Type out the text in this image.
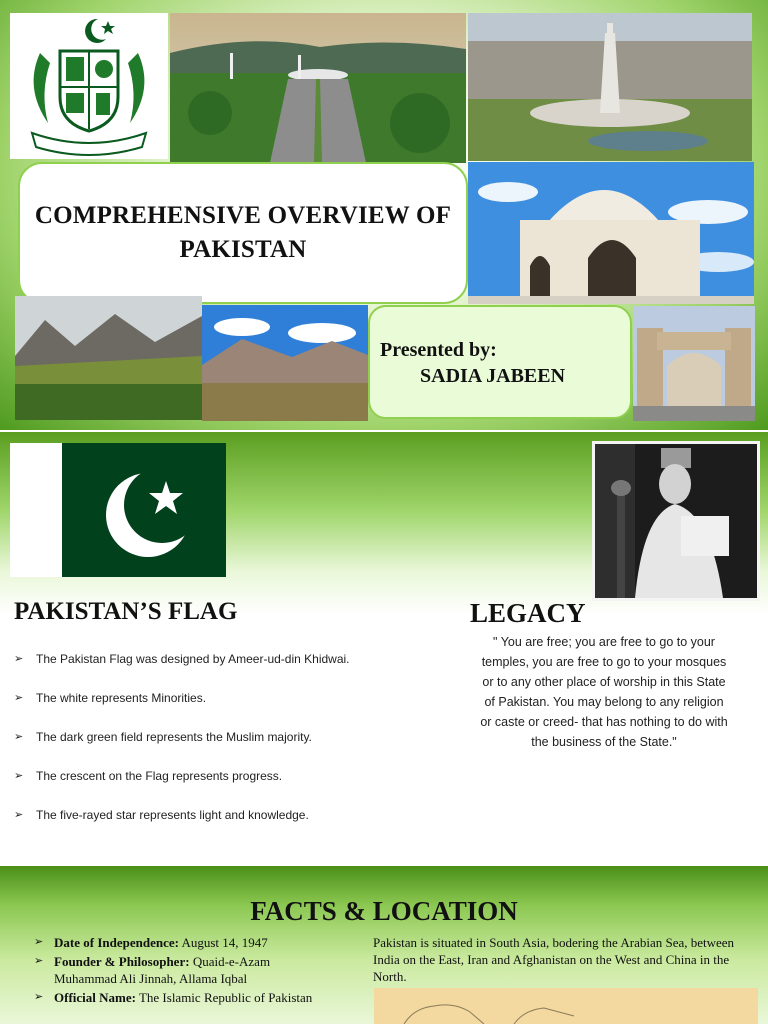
COMPREHENSIVE OVERVIEW OF PAKISTAN
Presented by:
SADIA JABEEN
PAKISTAN’S FLAG	LEGACY
➢ The Pakistan Flag was designed by Ameer-ud-din Khidwai.
➢ The white represents Minorities.
➢ The dark green field represents the Muslim majority.
➢ The crescent on the Flag represents progress.
➢ The five-rayed star represents light and knowledge.

" You are free; you are free to go to your temples, you are free to go to your mosques or to any other place of worship in this State of Pakistan. You may belong to any religion or caste or creed- that has nothing to do with the business of the State."

FACTS & LOCATION
➢ Date of Independence: August 14, 1947
➢ Founder & Philosopher: Quaid-e-Azam Muhammad Ali Jinnah, Allama Iqbal
➢ Official Name: The Islamic Republic of Pakistan

Pakistan is situated in South Asia, bodering the Arabian Sea, between India on the East, Iran and Afghanistan on the West and China in the North.
